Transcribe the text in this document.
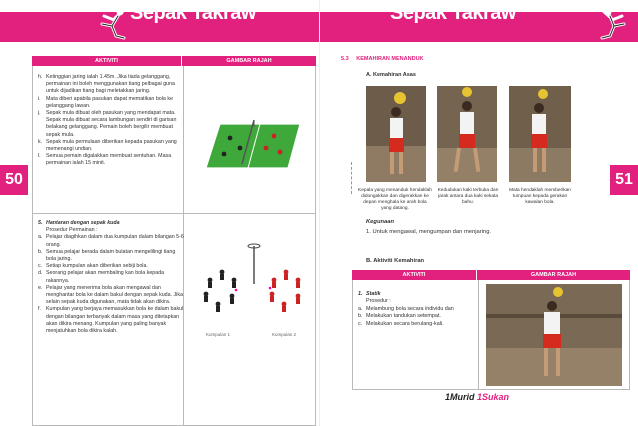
Sepak Takraw
50
AKTIVITI	GAMBAR RAJAH
h. Ketinggian jaring ialah 1.45m. Jika tiada gelanggang, permainan ini boleh menggunakan tiang pelbagai guna untuk dijadikan tiang bagi meletakkan jaring.
i.	Mata diberi apabila pasukan dapat mematikan bola ke gelanggang lawan.
j.	Sepak mula dibuat oleh pasukan yang mendapat mata. Sepak mula dibuat secara lambungan sendiri di garisan belakang gelanggang. Pemain boleh bergilir membuat sepak mula.
k. Sepak mula permulaan diberikan kepada pasukan yang memenangi undian.
l.	Semua pemain digalakkan membuat sentuhan. Masa permainan ialah 15 minit.
5. Hantaran dengan sepak kuda
Prosedur Permainan :
a. Pelajar diagihkan dalam dua kumpulan dalam bilangan 5-6 orang.
b. Semua pelajar berada dalam bulatan mengelilingi tiang bola jaring.
c. Setiap kumpulan akan diberikan sebiji bola.
d. Seorang pelajar akan membaling kan bola kepada rakannya.
e. Pelajar yang menerima bola akan mengawal dan menghantar bola ke dalam bakul dengan sepak kuda. Jika selain sepak kuda digunakan, mata tidak akan dikira.
f. Kumpulan yang berjaya memasukkan bola ke dalam bakul dengan bilangan terbanyak dalam masa yang ditetapkan akan dikira menang. Kumpulan yang paling banyak menjatuhkan bola dikira kalah.
Kumpulan 1	Kumpulan 2
Sepak Takraw
51
5.3 KEMAHIRAN MENANDUK
A. Kemahiran Asas
Kepala yang menanduk hendaklah didongakkan dan digerakkan ke depan menghala ke arah bola yang datang.
Kedudukan kaki terbuka dan jarak antara dua kaki sekata bahu.
Mata hendaklah memberikan tumpuan kepada gerakan kawalan bola.
Kegunaan
1. Untuk mengawal, mengumpan dan menjaring.
B. Aktiviti Kemahiran
AKTIVITI	GAMBAR RAJAH
1. Statik
Prosedur :
a. Melambung bola secara individu dan
b. Melakukan tandukan setempat.
c. Melakukan secara berulang-kali.
1Murid 1Sukan
